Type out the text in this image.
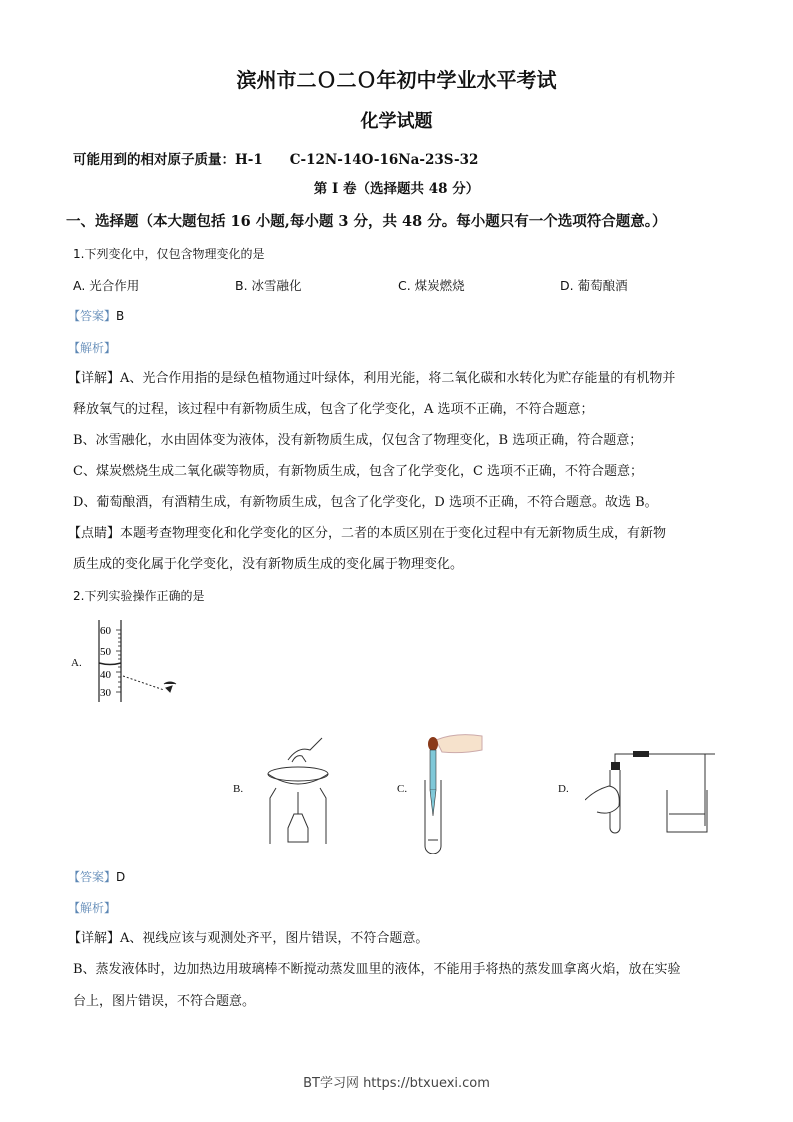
滨州市二Ｏ二Ｏ年初中学业水平考试
化学试题
可能用到的相对原子质量：H-1　　C-12N-14O-16Na-23S-32
第 I 卷（选择题共 48 分）
一、选择题（本大题包括 16 小题,每小题 3 分，共 48 分。每小题只有一个选项符合题意。）
1.下列变化中，仅包含物理变化的是
A. 光合作用	B. 冰雪融化	C. 煤炭燃烧	D. 葡萄酿酒
【答案】B
【解析】
【详解】A、光合作用指的是绿色植物通过叶绿体，利用光能，将二氧化碳和水转化为贮存能量的有机物并
释放氧气的过程，该过程中有新物质生成，包含了化学变化，A 选项不正确，不符合题意；
B、冰雪融化，水由固体变为液体，没有新物质生成，仅包含了物理变化，B 选项正确，符合题意；
C、煤炭燃烧生成二氧化碳等物质，有新物质生成，包含了化学变化，C 选项不正确，不符合题意；
D、葡萄酿酒，有酒精生成，有新物质生成，包含了化学变化，D 选项不正确，不符合题意。故选 B。
【点睛】本题考查物理变化和化学变化的区分，二者的本质区别在于变化过程中有无新物质生成，有新物
质生成的变化属于化学变化，没有新物质生成的变化属于物理变化。
2.下列实验操作正确的是
A.
60
50
40
30
B.	C.	D.
【答案】D
【解析】
【详解】A、视线应该与观测处齐平，图片错误，不符合题意。
B、蒸发液体时，边加热边用玻璃棒不断搅动蒸发皿里的液体，不能用手将热的蒸发皿拿离火焰，放在实验
台上，图片错误，不符合题意。
BT学习网 https://btxuexi.com
